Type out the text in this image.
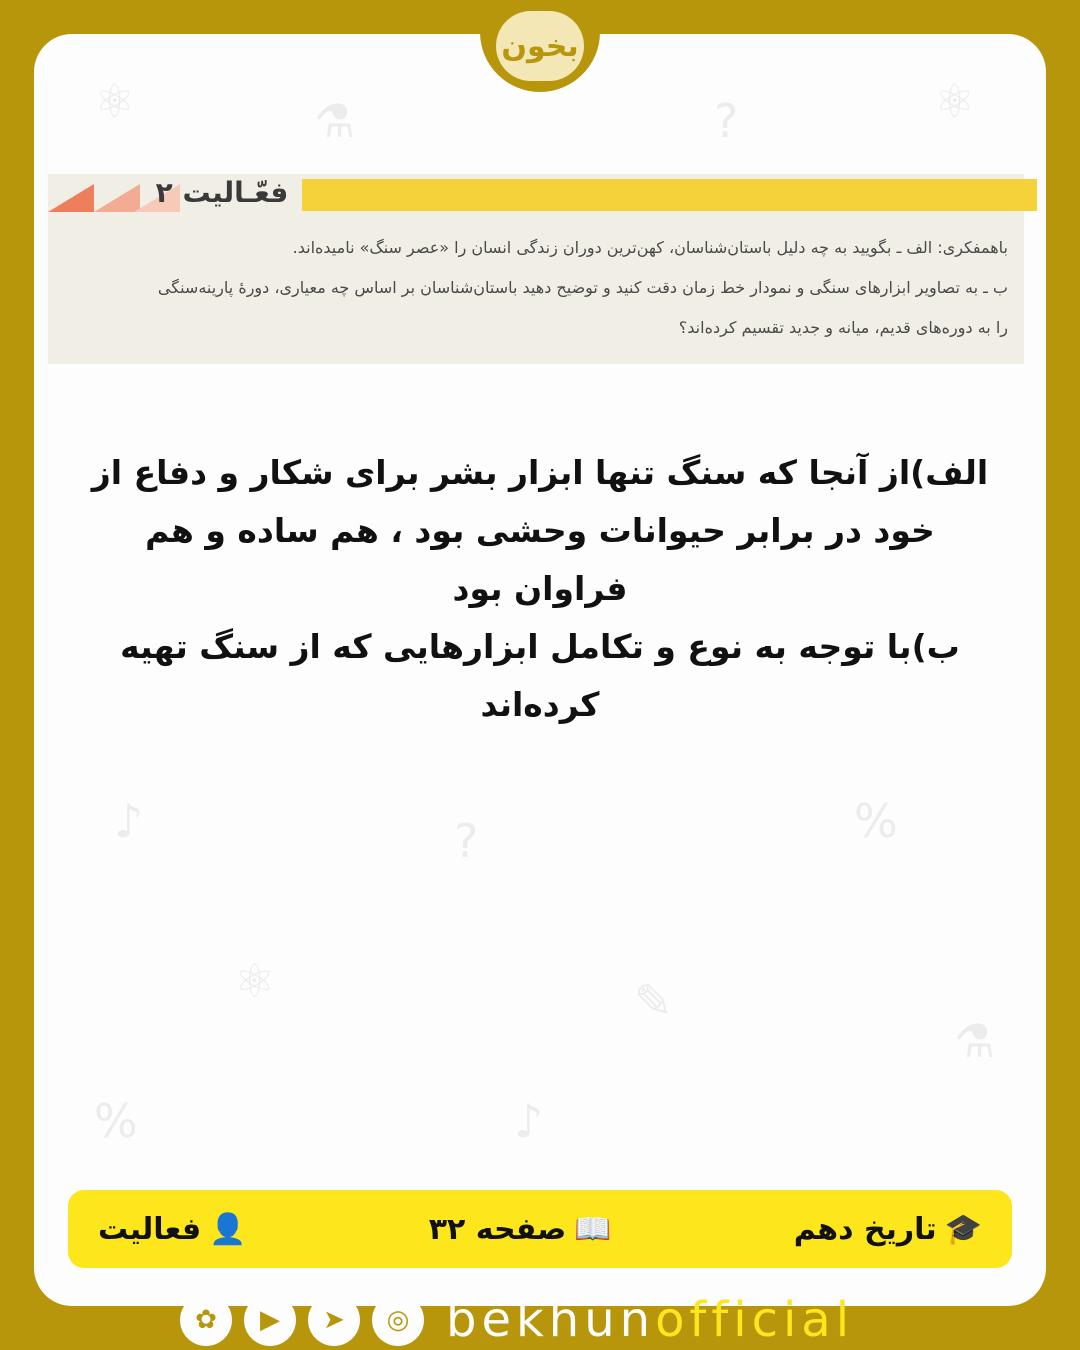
⚛	⚗	?	⚛
♪	?	%
⚛	✎
⚗
%	♪
فعّـالیت ۲

باهمفکری: الف ـ بگویید به چه دلیل باستان‌شناسان، کهن‌ترین دوران زندگی انسان را «عصر سنگ» نامیده‌اند.

ب ـ به تصاویر ابزارهای سنگی و نمودار خط زمان دقت کنید و توضیح دهید باستان‌شناسان بر اساس چه معیاری، دورهٔ پارینه‌سنگی

را به دوره‌های قدیم، میانه و جدید تقسیم کرده‌اند؟

الف)از آنجا که سنگ تنها ابزار بشر برای شکار و دفاع از

خود در برابر حیوانات وحشی بود ، هم ساده و هم

فراوان بود

ب)با توجه به نوع و تکامل ابزارهایی که از سنگ تهیه

کرده‌اند

👤
فعالیت	📖
صفحه ۳۲	🎓
تاریخ دهم
بخون
✿	▶	➤	◎ bekhunofficial
